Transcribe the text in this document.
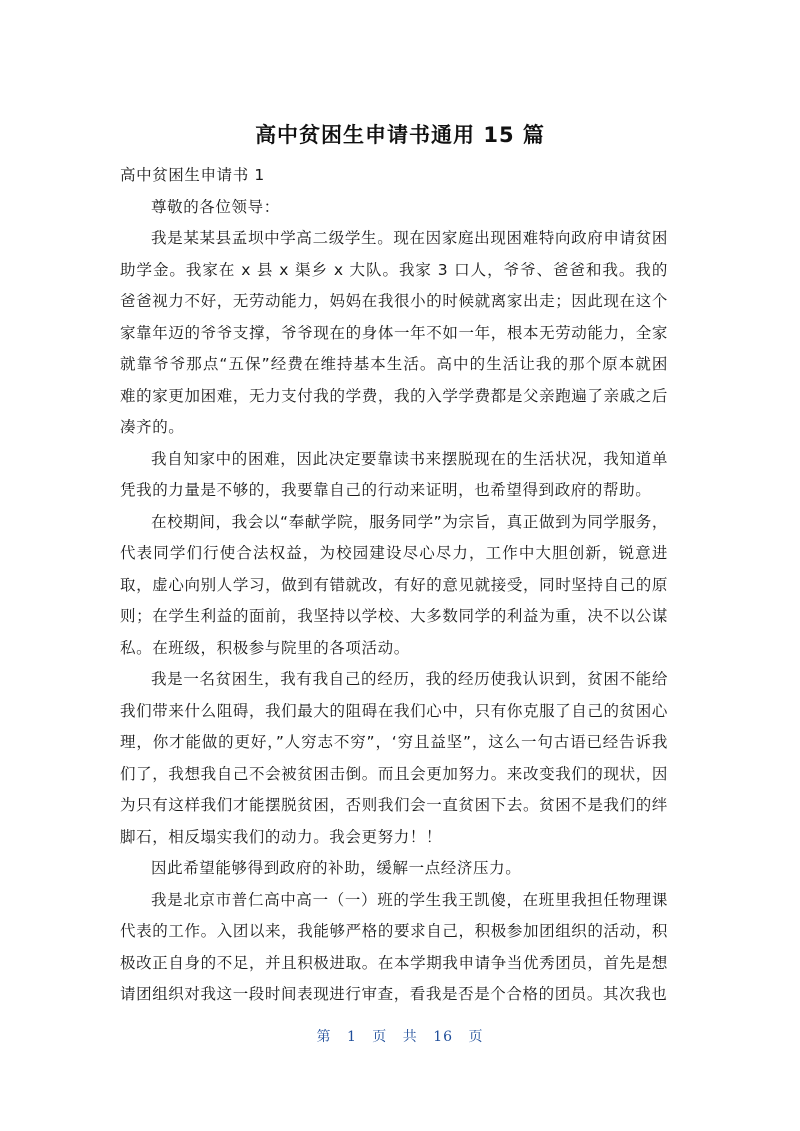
高中贫困生申请书通用 15 篇

高中贫困生申请书 1

尊敬的各位领导：

我是某某县孟坝中学高二级学生。现在因家庭出现困难特向政府申请贫困助学金。我家在 x 县 x 渠乡 x 大队。我家 3 口人，爷爷、爸爸和我。我的爸爸视力不好，无劳动能力，妈妈在我很小的时候就离家出走；因此现在这个家靠年迈的爷爷支撑，爷爷现在的身体一年不如一年，根本无劳动能力，全家就靠爷爷那点“五保”经费在维持基本生活。高中的生活让我的那个原本就困难的家更加困难，无力支付我的学费，我的入学学费都是父亲跑遍了亲戚之后凑齐的。

我自知家中的困难，因此决定要靠读书来摆脱现在的生活状况，我知道单凭我的力量是不够的，我要靠自己的行动来证明，也希望得到政府的帮助。

在校期间，我会以“奉献学院，服务同学”为宗旨，真正做到为同学服务，代表同学们行使合法权益，为校园建设尽心尽力，工作中大胆创新，锐意进取，虚心向别人学习，做到有错就改，有好的意见就接受，同时坚持自己的原则；在学生利益的面前，我坚持以学校、大多数同学的利益为重，决不以公谋私。在班级，积极参与院里的各项活动。

我是一名贫困生，我有我自己的经历，我的经历使我认识到，贫困不能给我们带来什么阻碍，我们最大的阻碍在我们心中，只有你克服了自己的贫困心理，你才能做的更好，”人穷志不穷”，‘穷且益坚”，这么一句古语已经告诉我们了，我想我自己不会被贫困击倒。而且会更加努力。来改变我们的现状，因为只有这样我们才能摆脱贫困，否则我们会一直贫困下去。贫困不是我们的绊脚石，相反塌实我们的动力。我会更努力！！

因此希望能够得到政府的补助，缓解一点经济压力。

我是北京市普仁高中高一（一）班的学生我王凯傻，在班里我担任物理课代表的工作。入团以来，我能够严格的要求自己，积极参加团组织的活动，积极改正自身的不足，并且积极进取。在本学期我申请争当优秀团员，首先是想请团组织对我这一段时间表现进行审查，看我是否是个合格的团员。其次我也

第 1 页 共 16 页
